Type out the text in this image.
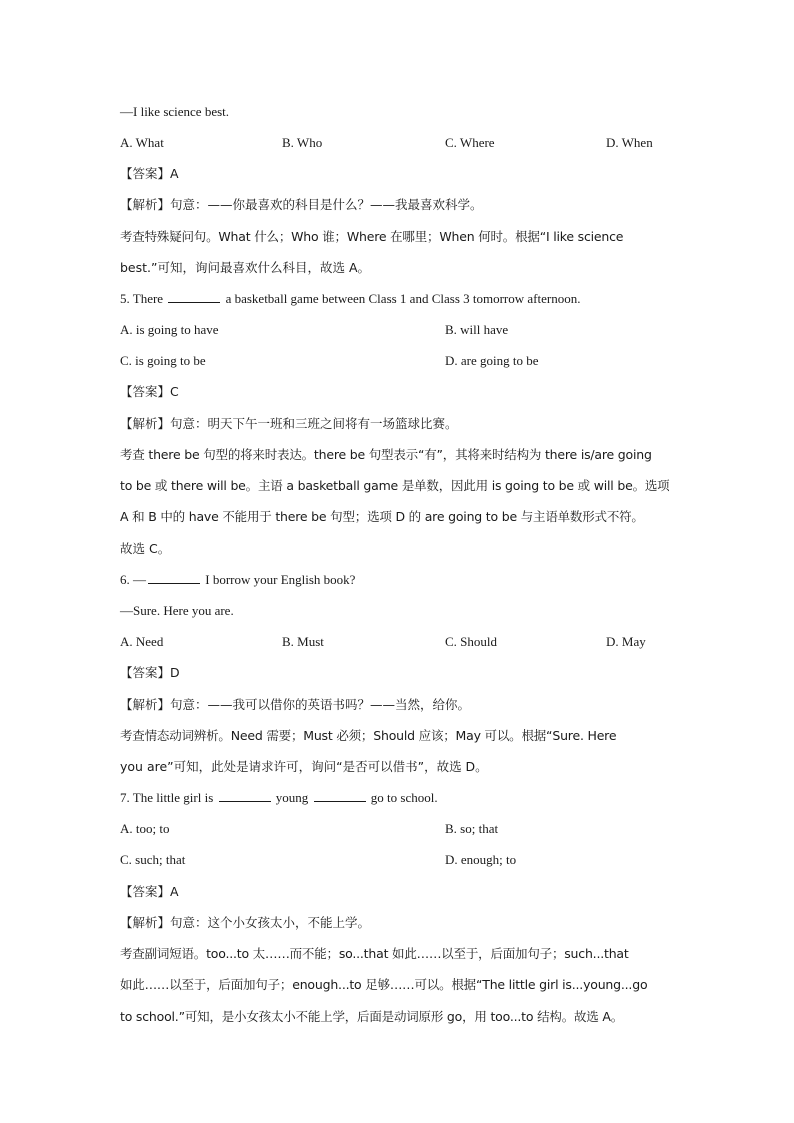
—I like science best.
A. What	B. Who	C. Where	D. When
【答案】A
【解析】句意：——你最喜欢的科目是什么？——我最喜欢科学。
考查特殊疑问句。What 什么；Who 谁；Where 在哪里；When 何时。根据“I like science
best.”可知，询问最喜欢什么科目，故选 A。
5. There	a basketball game between Class 1 and Class 3 tomorrow afternoon.
A. is going to have	B. will have
C. is going to be	D. are going to be
【答案】C
【解析】句意：明天下午一班和三班之间将有一场篮球比赛。
考查 there be 句型的将来时表达。there be 句型表示“有”，其将来时结构为 there is/are going
to be 或 there will be。主语 a basketball game 是单数，因此用 is going to be 或 will be。选项
A 和 B 中的 have 不能用于 there be 句型；选项 D 的 are going to be 与主语单数形式不符。
故选 C。
6. —	I borrow your English book?
—Sure. Here you are.
A. Need	B. Must	C. Should	D. May
【答案】D
【解析】句意：——我可以借你的英语书吗？——当然，给你。
考查情态动词辨析。Need 需要；Must 必须；Should 应该；May 可以。根据“Sure. Here
you are”可知，此处是请求许可，询问“是否可以借书”，故选 D。
7. The little girl is	young	go to school.
A. too; to	B. so; that
C. such; that	D. enough; to
【答案】A
【解析】句意：这个小女孩太小，不能上学。
考查副词短语。too...to 太……而不能；so...that 如此……以至于，后面加句子；such...that
如此……以至于，后面加句子；enough...to 足够……可以。根据“The little girl is...young...go
to school.”可知，是小女孩太小不能上学，后面是动词原形 go，用 too...to 结构。故选 A。
